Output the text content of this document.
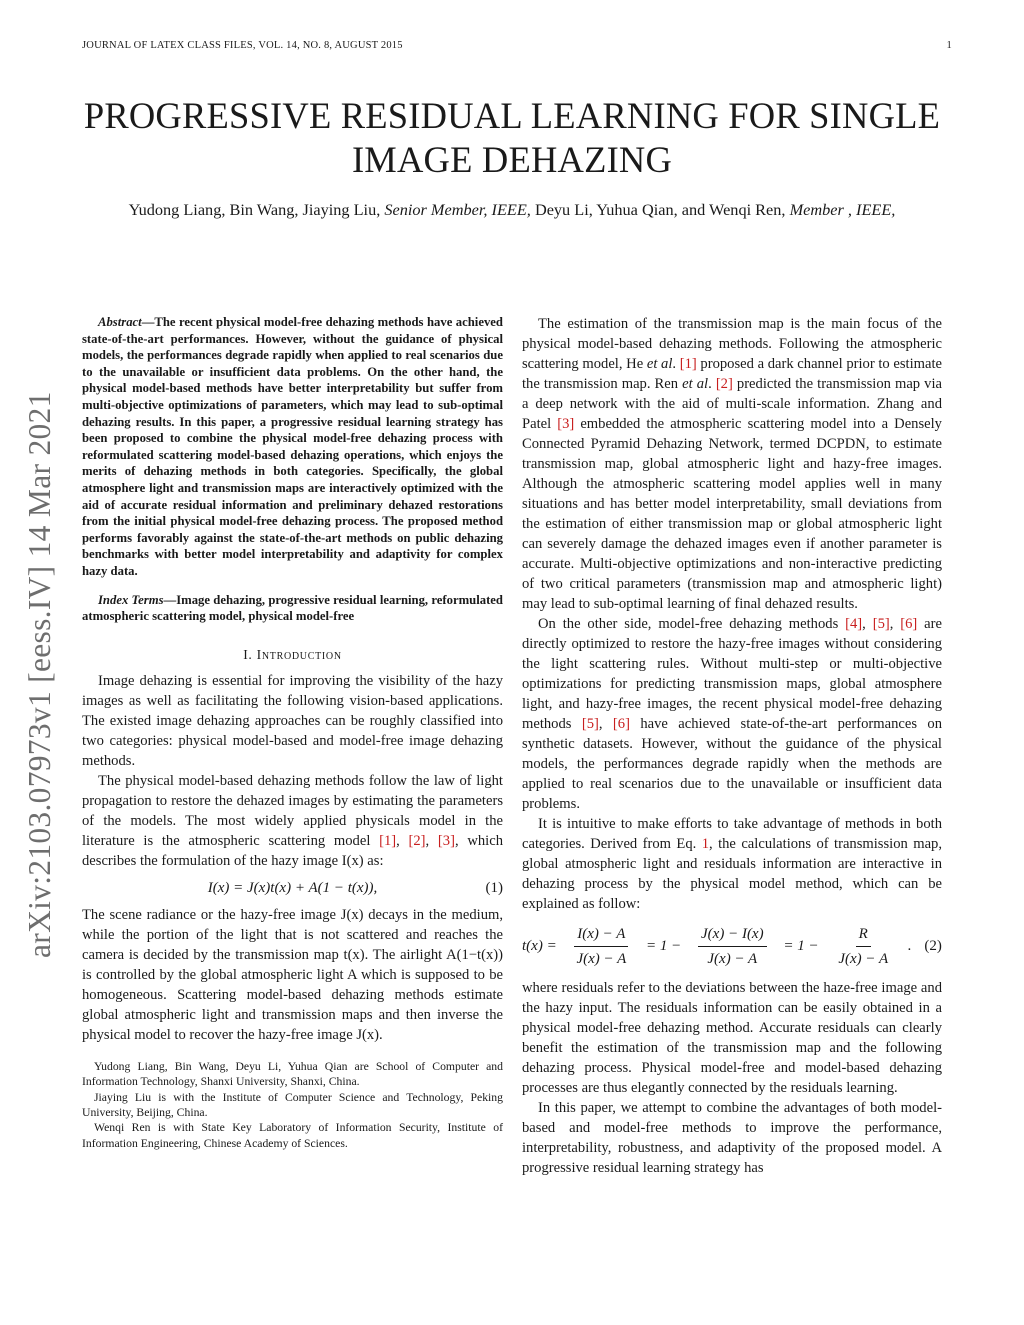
JOURNAL OF LATEX CLASS FILES, VOL. 14, NO. 8, AUGUST 2015	1
PROGRESSIVE RESIDUAL LEARNING FOR SINGLE IMAGE DEHAZING
Yudong Liang, Bin Wang, Jiaying Liu, Senior Member, IEEE, Deyu Li, Yuhua Qian, and Wenqi Ren, Member , IEEE,
arXiv:2103.07973v1 [eess.IV] 14 Mar 2021

Abstract—The recent physical model-free dehazing methods have achieved state-of-the-art performances. However, without the guidance of physical models, the performances degrade rapidly when applied to real scenarios due to the unavailable or insufficient data problems. On the other hand, the physical model-based methods have better interpretability but suffer from multi-objective optimizations of parameters, which may lead to sub-optimal dehazing results. In this paper, a progressive residual learning strategy has been proposed to combine the physical model-free dehazing process with reformulated scattering model-based dehazing operations, which enjoys the merits of dehazing methods in both categories. Specifically, the global atmosphere light and transmission maps are interactively optimized with the aid of accurate residual information and preliminary dehazed restorations from the initial physical model-free dehazing process. The proposed method performs favorably against the state-of-the-art methods on public dehazing benchmarks with better model interpretability and adaptivity for complex hazy data.

Index Terms—Image dehazing, progressive residual learning, reformulated atmospheric scattering model, physical model-free

I. Introduction

Image dehazing is essential for improving the visibility of the hazy images as well as facilitating the following vision-based applications. The existed image dehazing approaches can be roughly classified into two categories: physical model-based and model-free image dehazing methods.

The physical model-based dehazing methods follow the law of light propagation to restore the dehazed images by estimating the parameters of the models. The most widely applied physicals model in the literature is the atmospheric scattering model [1], [2], [3], which describes the formulation of the hazy image I(x) as:

I(x) = J(x)t(x) + A(1 − t(x)),	(1)

The scene radiance or the hazy-free image J(x) decays in the medium, while the portion of the light that is not scattered and reaches the camera is decided by the transmission map t(x). The airlight A(1−t(x)) is controlled by the global atmospheric light A which is supposed to be homogeneous. Scattering model-based dehazing methods estimate global atmospheric light and transmission maps and then inverse the physical model to recover the hazy-free image J(x).

Yudong Liang, Bin Wang, Deyu Li, Yuhua Qian are School of Computer and Information Technology, Shanxi University, Shanxi, China.

Jiaying Liu is with the Institute of Computer Science and Technology, Peking University, Beijing, China.

Wenqi Ren is with State Key Laboratory of Information Security, Institute of Information Engineering, Chinese Academy of Sciences.

The estimation of the transmission map is the main focus of the physical model-based dehazing methods. Following the atmospheric scattering model, He et al. [1] proposed a dark channel prior to estimate the transmission map. Ren et al. [2] predicted the transmission map via a deep network with the aid of multi-scale information. Zhang and Patel [3] embedded the atmospheric scattering model into a Densely Connected Pyramid Dehazing Network, termed DCPDN, to estimate transmission map, global atmospheric light and hazy-free images. Although the atmospheric scattering model applies well in many situations and has better model interpretability, small deviations from the estimation of either transmission map or global atmospheric light can severely damage the dehazed images even if another parameter is accurate. Multi-objective optimizations and non-interactive predicting of two critical parameters (transmission map and atmospheric light) may lead to sub-optimal learning of final dehazed results.

On the other side, model-free dehazing methods [4], [5], [6] are directly optimized to restore the hazy-free images without considering the light scattering rules. Without multi-step or multi-objective optimizations for predicting transmission maps, global atmosphere light, and hazy-free images, the recent physical model-free dehazing methods [5], [6] have achieved state-of-the-art performances on synthetic datasets. However, without the guidance of the physical models, the performances degrade rapidly when the methods are applied to real scenarios due to the unavailable or insufficient data problems.

It is intuitive to make efforts to take advantage of methods in both categories. Derived from Eq. 1, the calculations of transmission map, global atmospheric light and residuals information are interactive in dehazing process by the physical model method, which can be explained as follow:

$t(x) = \frac{I(x) - A}{J(x) - A} = 1 - \frac{J(x) - I(x)}{J(x) - A} = 1 - \frac{R}{J(x) - A}$ . (2)

where residuals refer to the deviations between the haze-free image and the hazy input. The residuals information can be easily obtained in a physical model-free dehazing method. Accurate residuals can clearly benefit the estimation of the transmission map and the following dehazing process. Physical model-free and model-based dehazing processes are thus elegantly connected by the residuals learning.

In this paper, we attempt to combine the advantages of both model-based and model-free methods to improve the performance, interpretability, robustness, and adaptivity of the proposed model. A progressive residual learning strategy has
